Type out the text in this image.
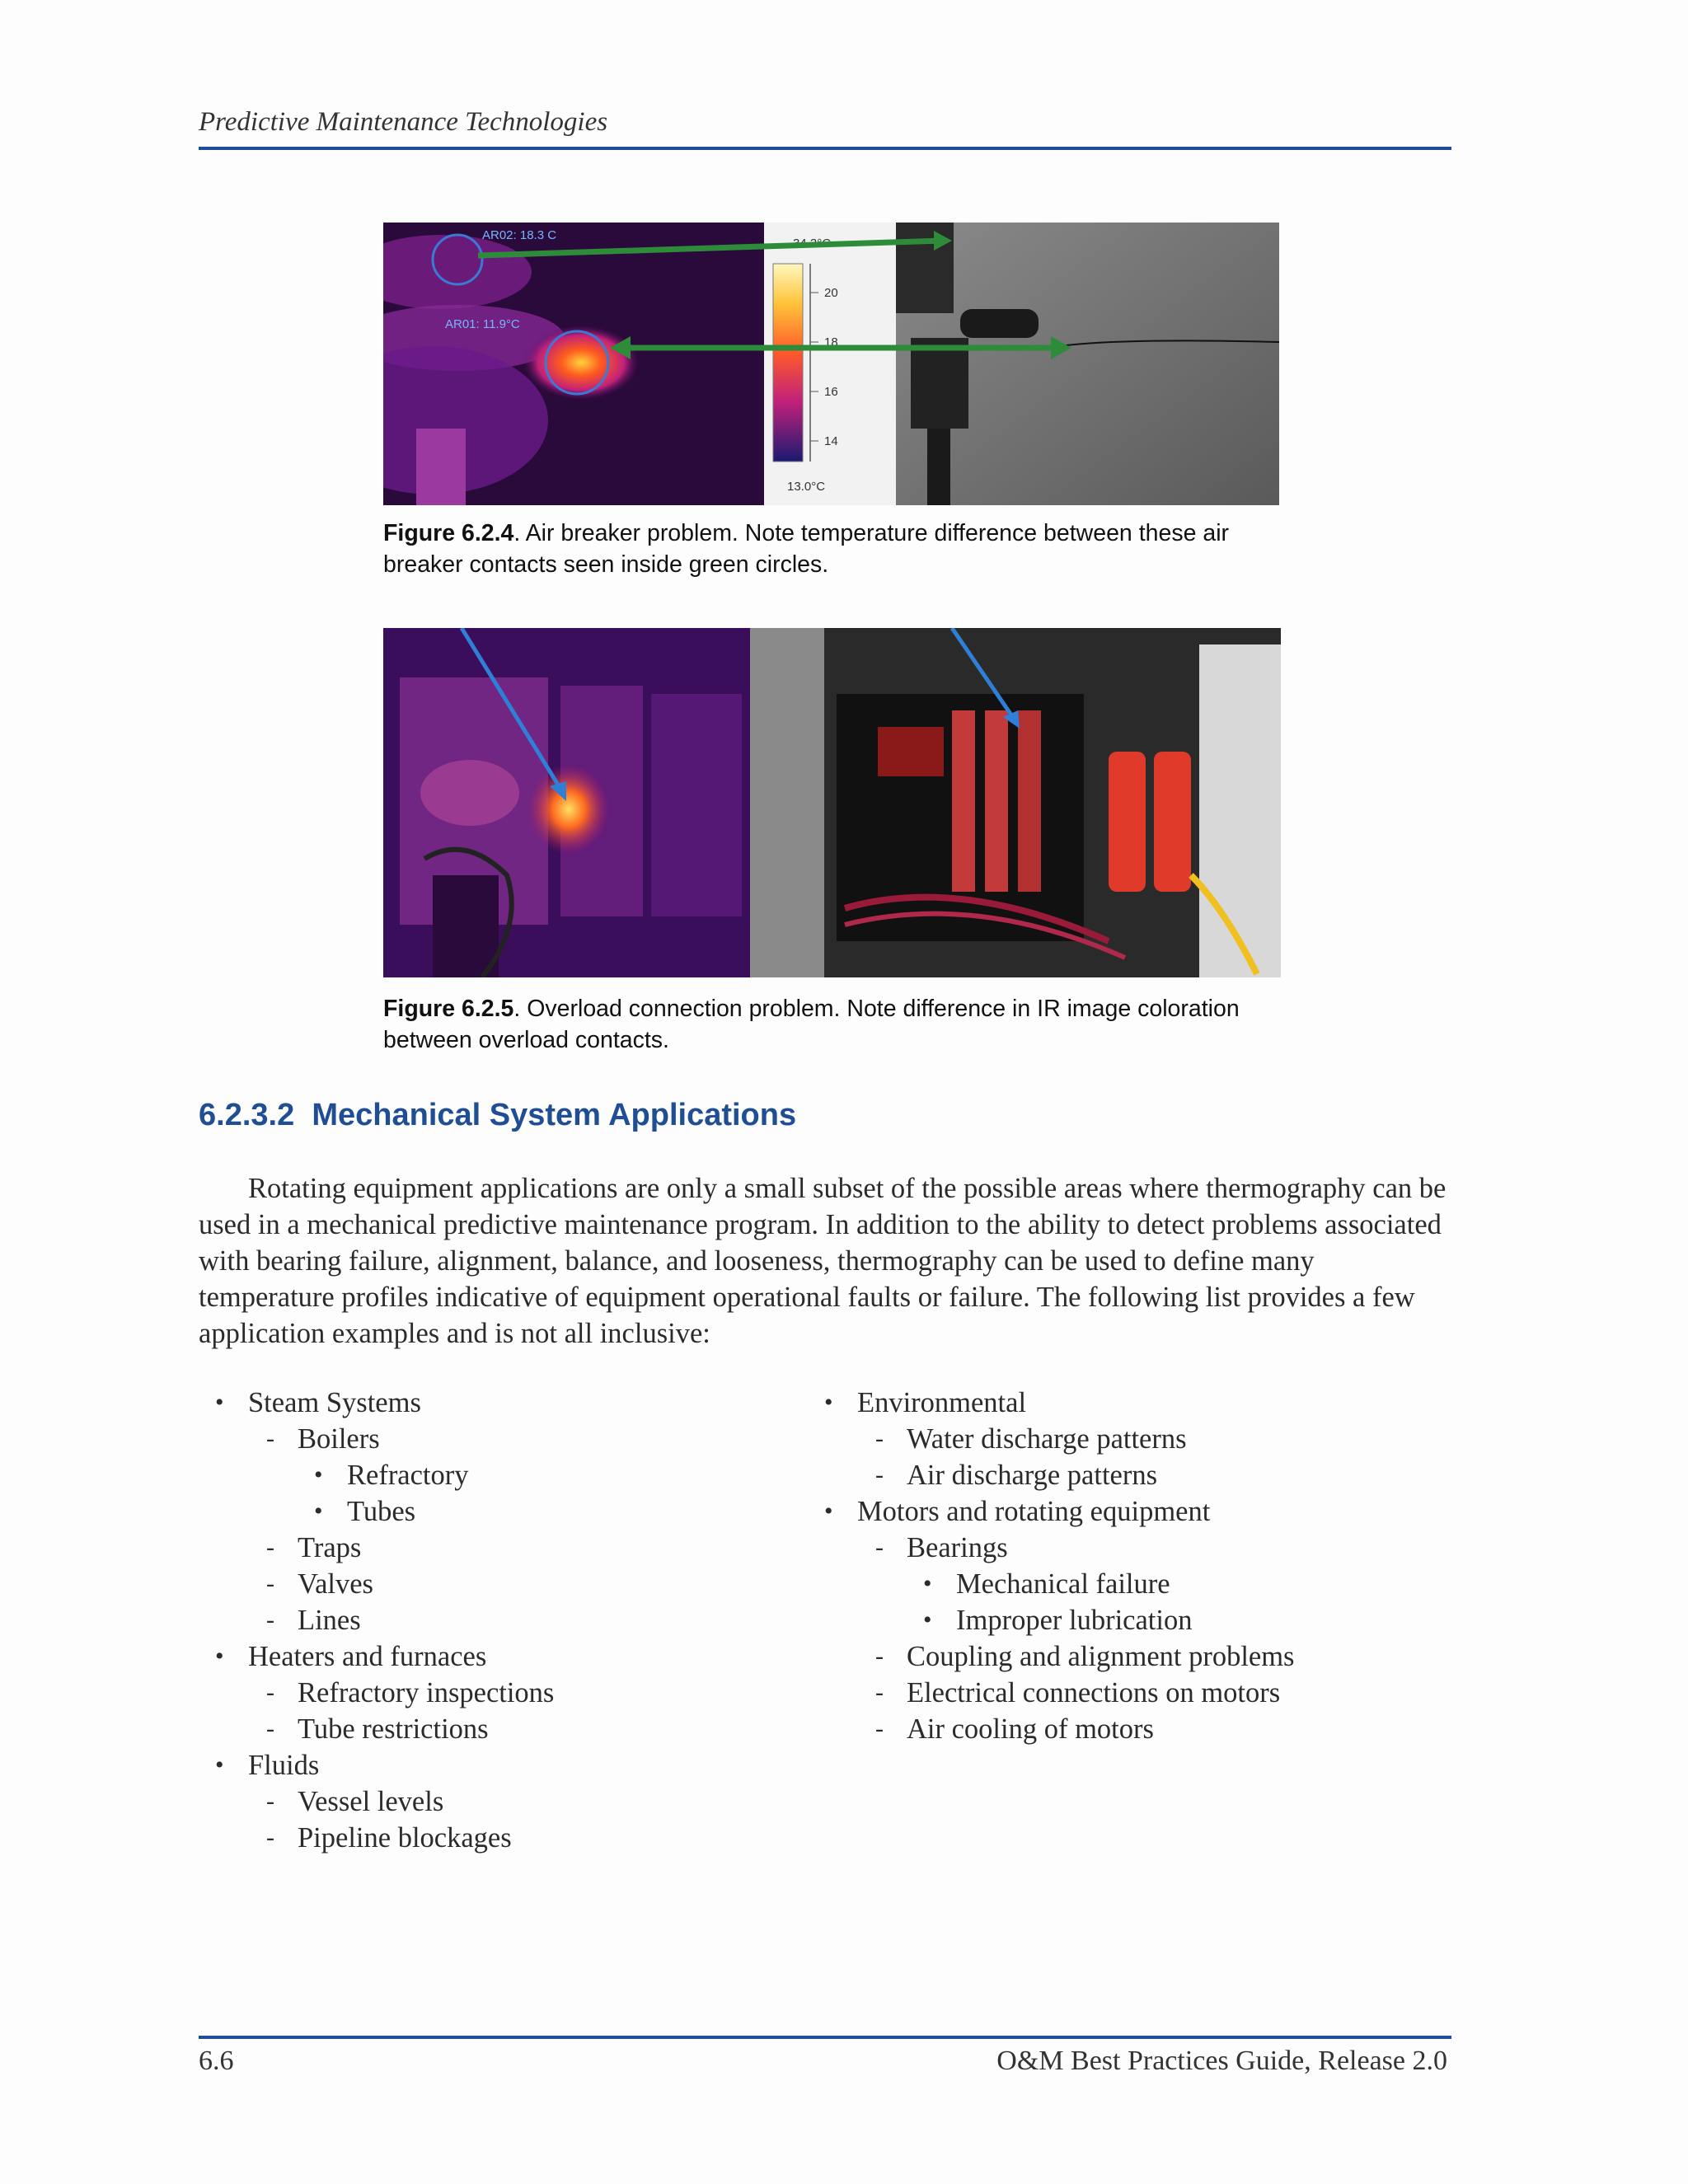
Predictive Maintenance Technologies
AR02: 18.3 C
AR01: 11.9°C
20
18
16
14
13.0°C
Figure 6.2.4. Air breaker problem. Note temperature difference between these air breaker contacts seen inside green circles.
Figure 6.2.5. Overload connection problem. Note difference in IR image coloration between overload contacts.
6.2.3.2 Mechanical System Applications
Rotating equipment applications are only a small subset of the possible areas where thermography can be used in a mechanical predictive maintenance program. In addition to the ability to detect problems associated with bearing failure, alignment, balance, and looseness, thermography can be used to define many temperature profiles indicative of equipment operational faults or failure. The following list provides a few application examples and is not all inclusive:
• Steam Systems
- Boilers
• Refractory
• Tubes
- Traps
- Valves
- Lines
• Heaters and furnaces
- Refractory inspections
- Tube restrictions
• Fluids
- Vessel levels
- Pipeline blockages
• Environmental
- Water discharge patterns
- Air discharge patterns
• Motors and rotating equipment
- Bearings
• Mechanical failure
• Improper lubrication
- Coupling and alignment problems
- Electrical connections on motors
- Air cooling of motors
6.6	O&M Best Practices Guide, Release 2.0
